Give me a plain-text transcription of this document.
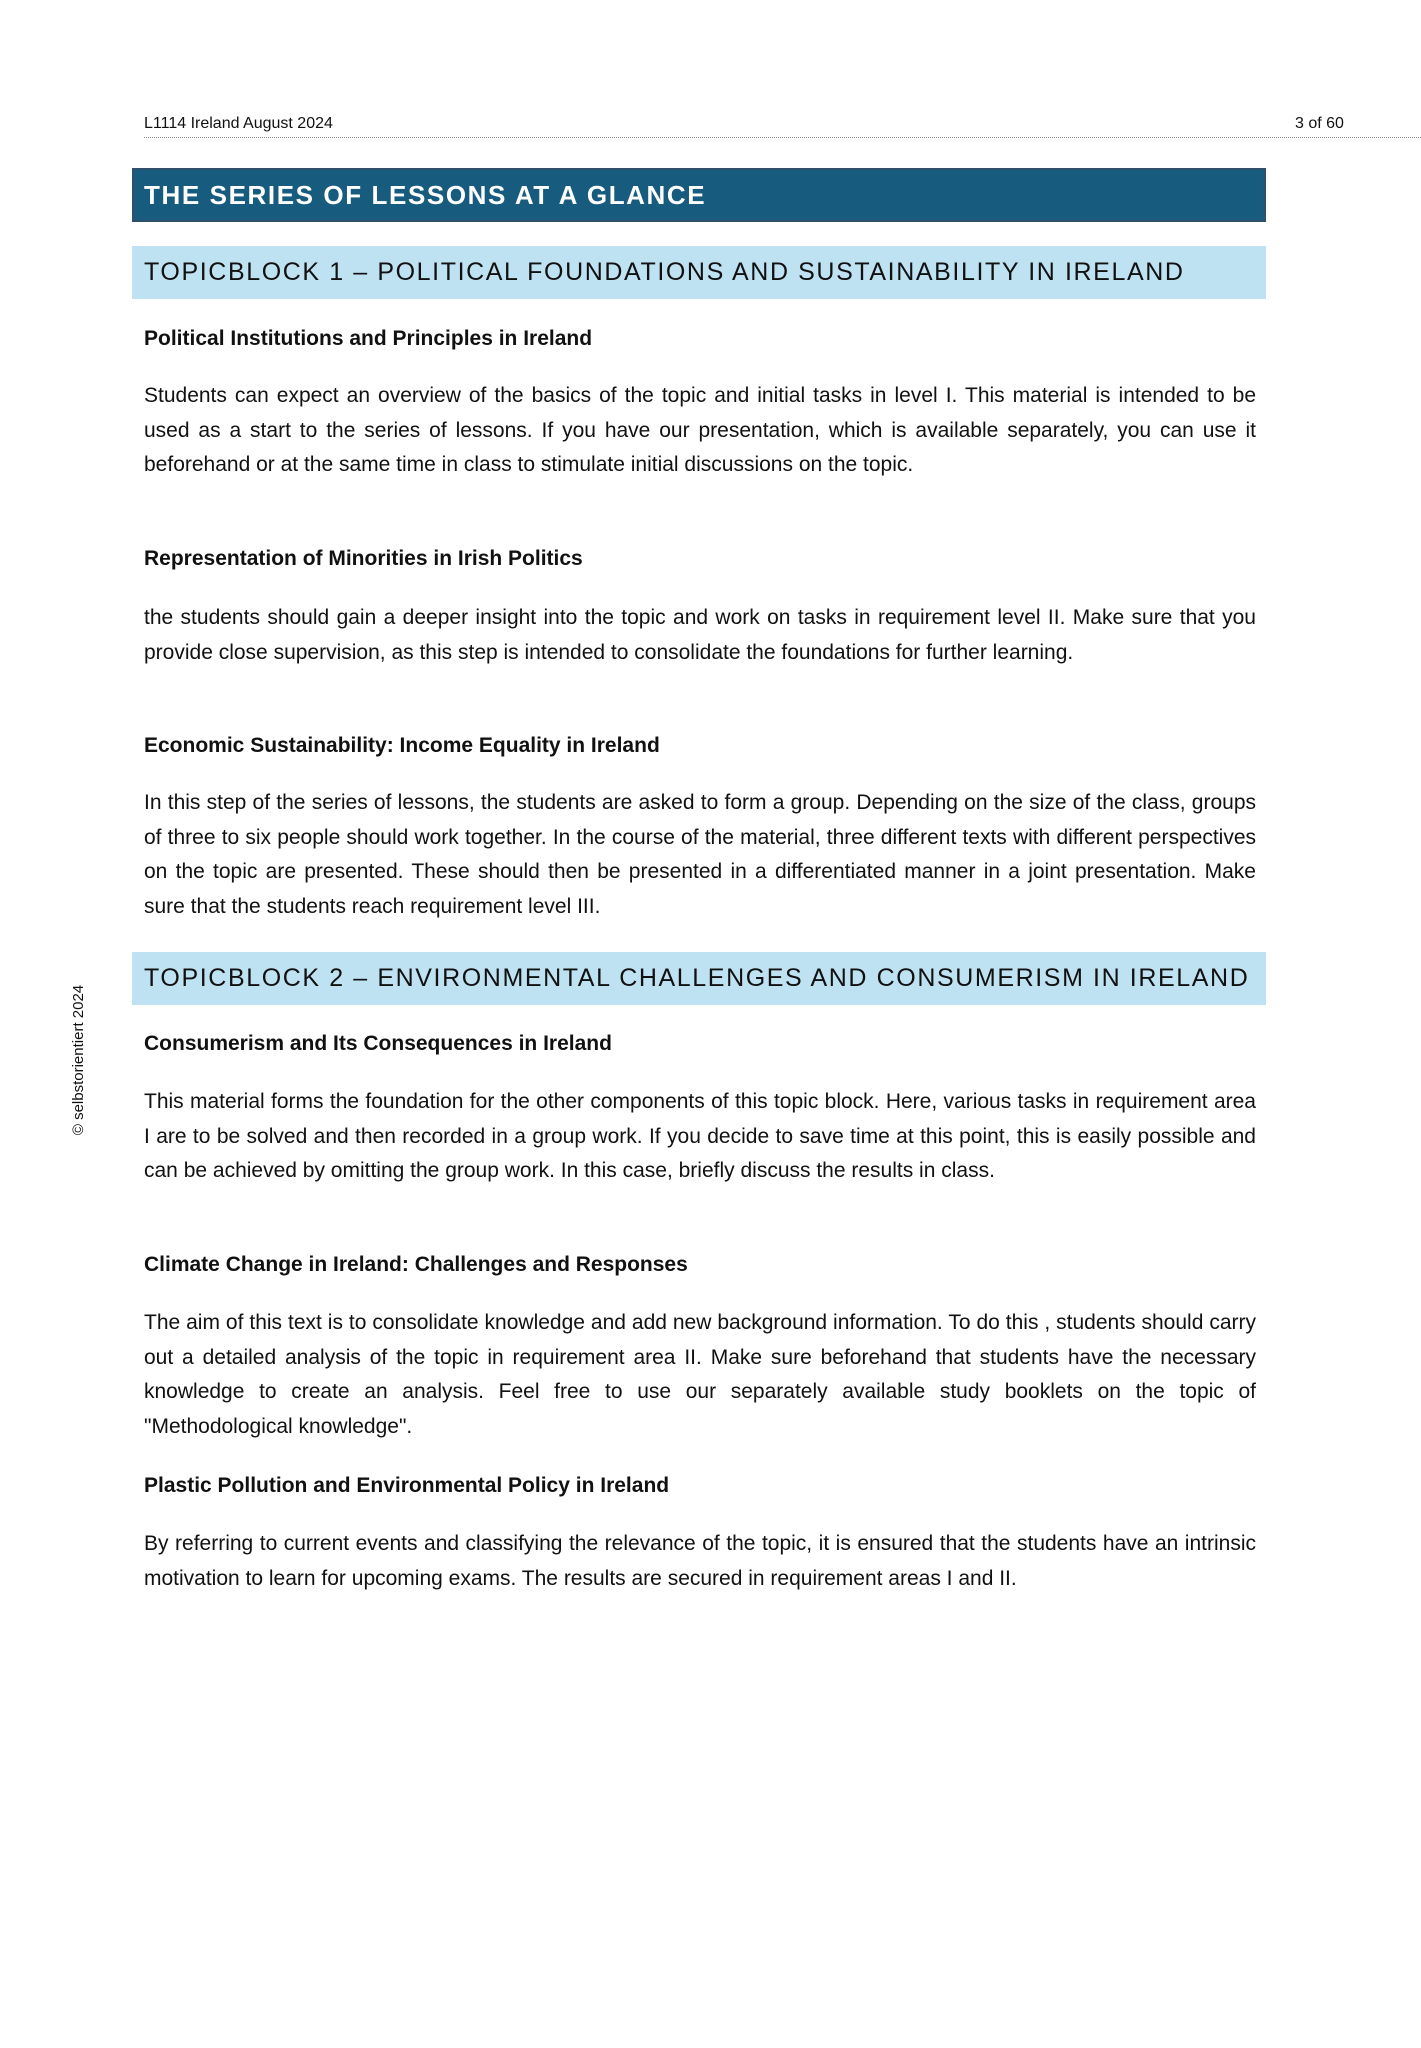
L1114 Ireland August 2024	3 of 60
© selbstorientiert 2024
THE SERIES OF LESSONS AT A GLANCE
TOPICBLOCK 1 – POLITICAL FOUNDATIONS AND SUSTAINABILITY IN IRELAND
Political Institutions and Principles in Ireland

Students can expect an overview of the basics of the topic and initial tasks in level I. This material is intended to be used as a start to the series of lessons. If you have our presentation, which is available separately, you can use it beforehand or at the same time in class to stimulate initial discussions on the topic.

Representation of Minorities in Irish Politics

the students should gain a deeper insight into the topic and work on tasks in requirement level II. Make sure that you provide close supervision, as this step is intended to consolidate the foundations for further learning.

Economic Sustainability: Income Equality in Ireland

In this step of the series of lessons, the students are asked to form a group. Depending on the size of the class, groups of three to six people should work together. In the course of the material, three different texts with different perspectives on the topic are presented. These should then be presented in a differentiated manner in a joint presentation. Make sure that the students reach requirement level III.

TOPICBLOCK 2 – ENVIRONMENTAL CHALLENGES AND CONSUMERISM IN IRELAND
Consumerism and Its Consequences in Ireland

This material forms the foundation for the other components of this topic block. Here, various tasks in requirement area I are to be solved and then recorded in a group work. If you decide to save time at this point, this is easily possible and can be achieved by omitting the group work. In this case, briefly discuss the results in class.

Climate Change in Ireland: Challenges and Responses

The aim of this text is to consolidate knowledge and add new background information. To do this , students should carry out a detailed analysis of the topic in requirement area II. Make sure beforehand that students have the necessary knowledge to create an analysis. Feel free to use our separately available study booklets on the topic of "Methodological knowledge".

Plastic Pollution and Environmental Policy in Ireland

By referring to current events and classifying the relevance of the topic, it is ensured that the students have an intrinsic motivation to learn for upcoming exams. The results are secured in requirement areas I and II.
